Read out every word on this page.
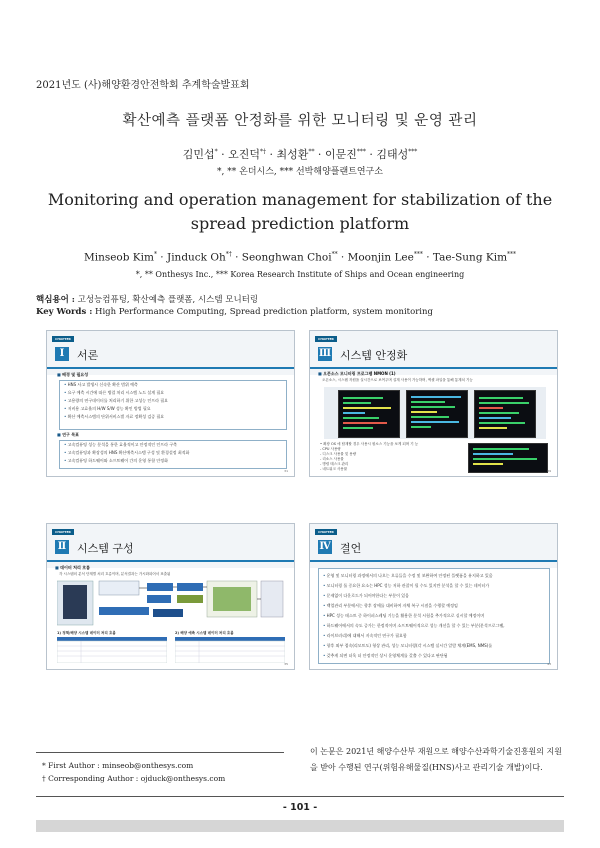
2021년도 (사)해양환경안전학회 추계학술발표회
확산예측 플랫폼 안정화를 위한 모니터링 및 운영 관리
김민섭* · 오진덕*† · 최성환** · 이문진*** · 김태성***
*, ** 온더시스, *** 선박해양플랜트연구소
Monitoring and operation management for stabilization of the spread prediction platform
Minseob Kim* · Jinduck Oh*† · Seonghwan Choi** · Moonjin Lee*** · Tae-Sung Kim***
*, ** Onthesys Inc., *** Korea Research Institute of Ships and Ocean engineering
핵심용어 : 고성능컴퓨팅, 확산예측 플랫폼, 시스템 모니터링
Key Words : High Performance Computing, Spread prediction platform, system monitoring
CHAPTER
Ⅰ	서론
■ 배경 및 필요성
• HNS 사고 발생시 신속한 확산 범위 예측
• 요구 예측 시간에 따른 병렬 처리 시스템 노드 설계 필요
• 고용량의 연구데이터를 처리하기 위한 고성능 인프라 필요
• 저비용 고효율의 H/W S/W 성능 확인 방법 필요
• 확산 예측시스템의 단위서비스별 자료 정확성 검증 필요
■ 연구 목표
• 고속컴퓨팅 성능 분석을 통한 효율적이고 안정적인 인프라 구축
• 고속컴퓨팅과 확장성의 HNS 확산예측시스템 구성 및 환경설정 최적화
• 고속컴퓨팅 하드웨어와 소프트웨어 간의 운영 통합 안정화
31
CHAPTER
Ⅲ 시스템 안정화
■ 오픈소스 모니터링 프로그램 NMON (1)
오픈소스, 시스템 자원을 실시간으로 보여주며 설계 사용이 가능하며, 엑셀 파일을 통해 통계치 기능
• 확장 OS 에 탑재할 경우 사용시 원소스 기능을 보게 되며 기 능
- CPU 사용량
- 디스크 사용률 및 용량
- 리소스 사용률
- 병렬 태스크 관리
- 네트워크 사용률	39
CHAPTER
Ⅱ 시스템 구성
■ 데이터 처리 흐름
각 시스템의 분석 단계별 처리 흐름이며, 분석결과는 가시화되어서 표출됨
1) 정책/해양 시스템 데이터 처리 흐름	2) 해양 예측 시스템 데이터 처리 흐름
35
CHAPTER
Ⅳ 결언
• 운영 및 모니터링 과정에서의 나오는 오류들을 수정 및 보완하여 안정된 플랫폼을 유지하고 있음
• 모니터링 툴 중요한 요소는 HPC 성능 저하 관찰이 될 수도 있지만 분석을 할 수 있는 데이터가
• 문제없이 다운로드가 되어야한다는 부분이 있음
• 백업관리 부분에서는 향후 장애를 대비하여 자체 복구 시점을 수행할 예정임
• HPC 성능 테스트 중 하이퍼스레딩 기능을 활용한 분석 시험을 추가적으로 실시할 예정이며
• 하드웨어에서의 속도 증가는 한정적이며 소프트웨어적으로 성능 개선을 할 수 있는 부분(분석프로그램,
• 라이브러리)에 대해서 지속적인 연구가 필요함
• 향후 외부 접속(리모트도) 형상 관리, 성능 모니터링(각 시스템 실시간 알람 체계(EMS, NMS)를
• 갖추게 되면 더욱 더 안정적인 상시 운영체계를 갖출 수 있다고 판단됨
43
* First Author : minseob@onthesys.com
† Corresponding Author : ojduck@onthesys.com
이 논문은 2021년 해양수산부 재원으로 해양수산과학기술진흥원의 지원을 받아 수행된 연구(위험유해물질(HNS)사고 관리기술 개발)이다.
- 101 -
